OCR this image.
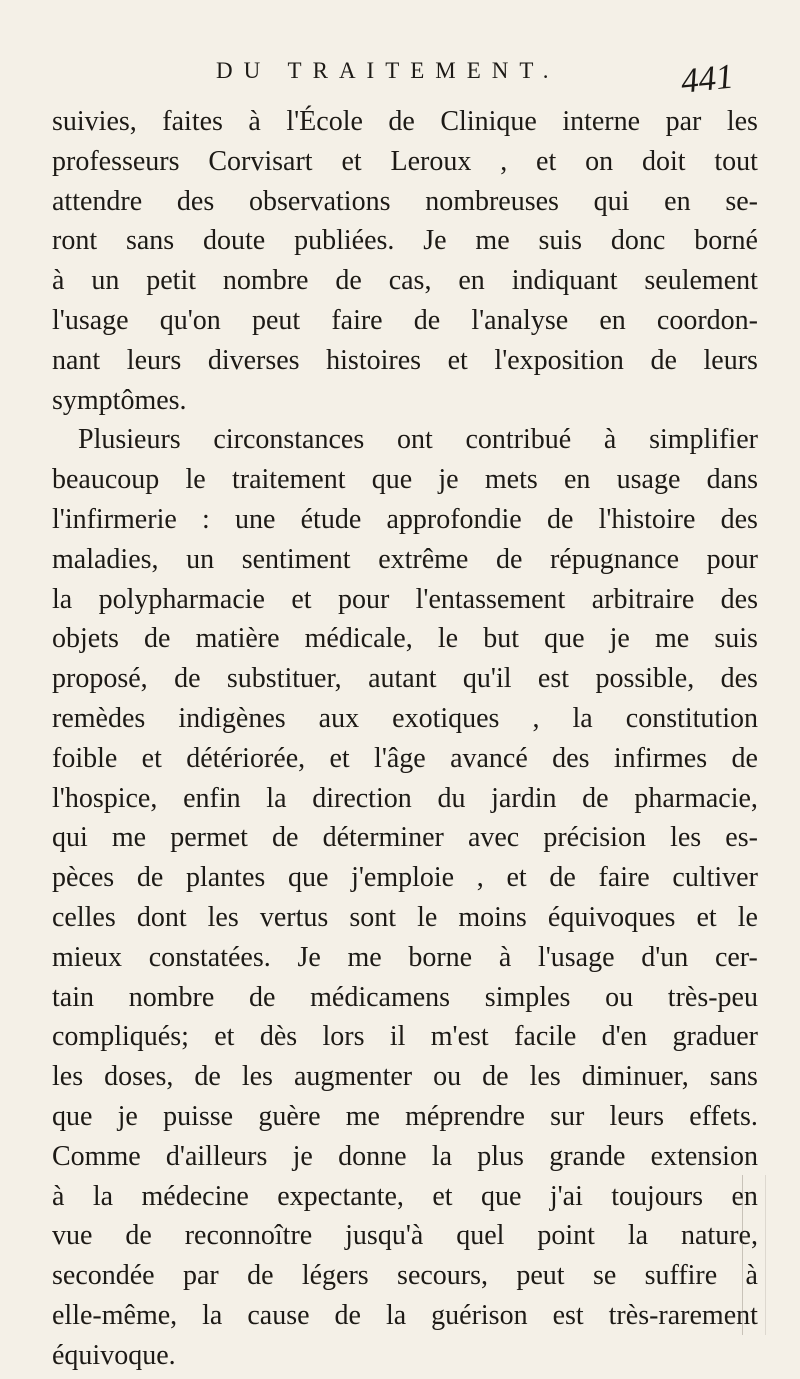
DU TRAITEMENT.	441
suivies, faites à l'École de Clinique interne par les
professeurs Corvisart et Leroux , et on doit tout
attendre des observations nombreuses qui en se-
ront sans doute publiées. Je me suis donc borné
à un petit nombre de cas, en indiquant seulement
l'usage qu'on peut faire de l'analyse en coordon-
nant leurs diverses histoires et l'exposition de leurs
symptômes.
Plusieurs circonstances ont contribué à simplifier
beaucoup le traitement que je mets en usage dans
l'infirmerie : une étude approfondie de l'histoire des
maladies, un sentiment extrême de répugnance pour
la polypharmacie et pour l'entassement arbitraire des
objets de matière médicale, le but que je me suis
proposé, de substituer, autant qu'il est possible, des
remèdes indigènes aux exotiques , la constitution
foible et détériorée, et l'âge avancé des infirmes de
l'hospice, enfin la direction du jardin de pharmacie,
qui me permet de déterminer avec précision les es-
pèces de plantes que j'emploie , et de faire cultiver
celles dont les vertus sont le moins équivoques et le
mieux constatées. Je me borne à l'usage d'un cer-
tain nombre de médicamens simples ou très-peu
compliqués; et dès lors il m'est facile d'en graduer
les doses, de les augmenter ou de les diminuer, sans
que je puisse guère me méprendre sur leurs effets.
Comme d'ailleurs je donne la plus grande extension
à la médecine expectante, et que j'ai toujours en
vue de reconnoître jusqu'à quel point la nature,
secondée par de légers secours, peut se suffire à
elle-même, la cause de la guérison est très-rarement
équivoque.
